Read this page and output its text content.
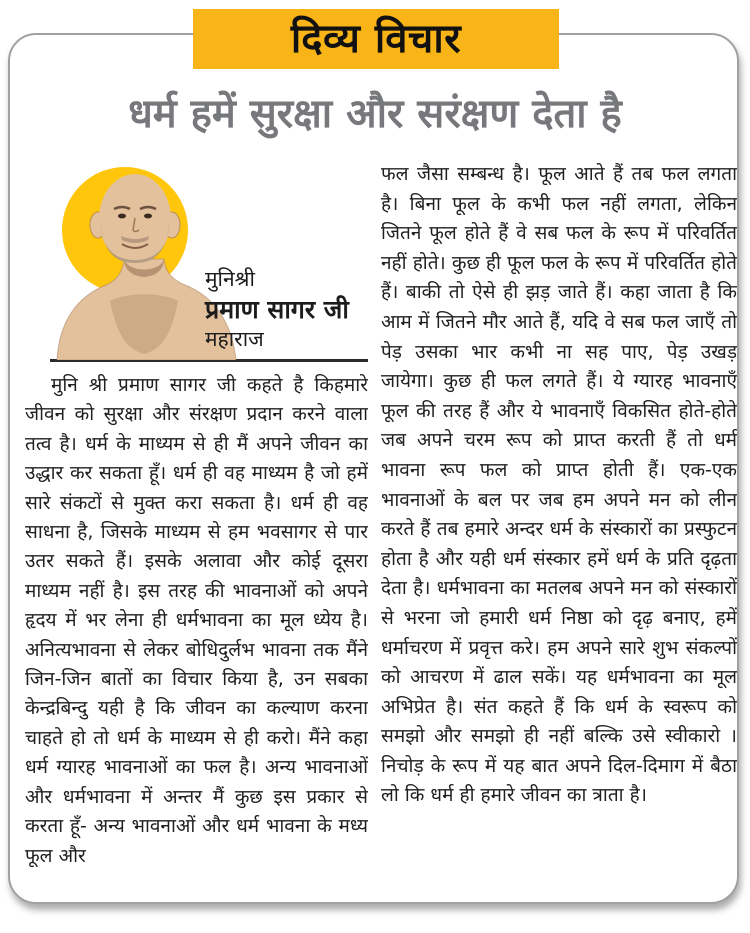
दिव्य विचार
धर्म हमें सुरक्षा और सरंक्षण देता है
मुनिश्री
प्रमाण सागर जी
महाराज
मुनि श्री प्रमाण सागर जी कहते है किहमारे जीवन को सुरक्षा और संरक्षण प्रदान करने वाला तत्व है। धर्म के माध्यम से ही मैं अपने जीवन का उद्धार कर सकता हूँ। धर्म ही वह माध्यम है जो हमें सारे संकटों से मुक्त करा सकता है। धर्म ही वह साधना है, जिसके माध्यम से हम भवसागर से पार उतर सकते हैं। इसके अलावा और कोई दूसरा माध्यम नहीं है। इस तरह की भावनाओं को अपने हृदय में भर लेना ही धर्मभावना का मूल ध्येय है। अनित्यभावना से लेकर बोधिदुर्लभ भावना तक मैंने जिन-जिन बातों का विचार किया है, उन सबका केन्द्रबिन्दु यही है कि जीवन का कल्याण करना चाहते हो तो धर्म के माध्यम से ही करो। मैंने कहा धर्म ग्यारह भावनाओं का फल है। अन्य भावनाओं और धर्मभावना में अन्तर मैं कुछ इस प्रकार से करता हूँ- अन्य भावनाओं और धर्म भावना के मध्य फूल और
फल जैसा सम्बन्ध है। फूल आते हैं तब फल लगता है। बिना फूल के कभी फल नहीं लगता, लेकिन जितने फूल होते हैं वे सब फल के रूप में परिवर्तित नहीं होते। कुछ ही फूल फल के रूप में परिवर्तित होते हैं। बाकी तो ऐसे ही झड़ जाते हैं। कहा जाता है कि आम में जितने मौर आते हैं, यदि वे सब फल जाएँ तो पेड़ उसका भार कभी ना सह पाए, पेड़ उखड़ जायेगा। कुछ ही फल लगते हैं। ये ग्यारह भावनाएँ फूल की तरह हैं और ये भावनाएँ विकसित होते-होते जब अपने चरम रूप को प्राप्त करती हैं तो धर्म भावना रूप फल को प्राप्त होती हैं। एक-एक भावनाओं के बल पर जब हम अपने मन को लीन करते हैं तब हमारे अन्दर धर्म के संस्कारों का प्रस्फुटन होता है और यही धर्म संस्कार हमें धर्म के प्रति दृढ़ता देता है। धर्मभावना का मतलब अपने मन को संस्कारों से भरना जो हमारी धर्म निष्ठा को दृढ़ बनाए, हमें धर्माचरण में प्रवृत्त करे। हम अपने सारे शुभ संकल्पों को आचरण में ढाल सकें। यह धर्मभावना का मूल अभिप्रेत है। संत कहते हैं कि धर्म के स्वरूप को समझो और समझो ही नहीं बल्कि उसे स्वीकारो । निचोड़ के रूप में यह बात अपने दिल-दिमाग में बैठा लो कि धर्म ही हमारे जीवन का त्राता है।
